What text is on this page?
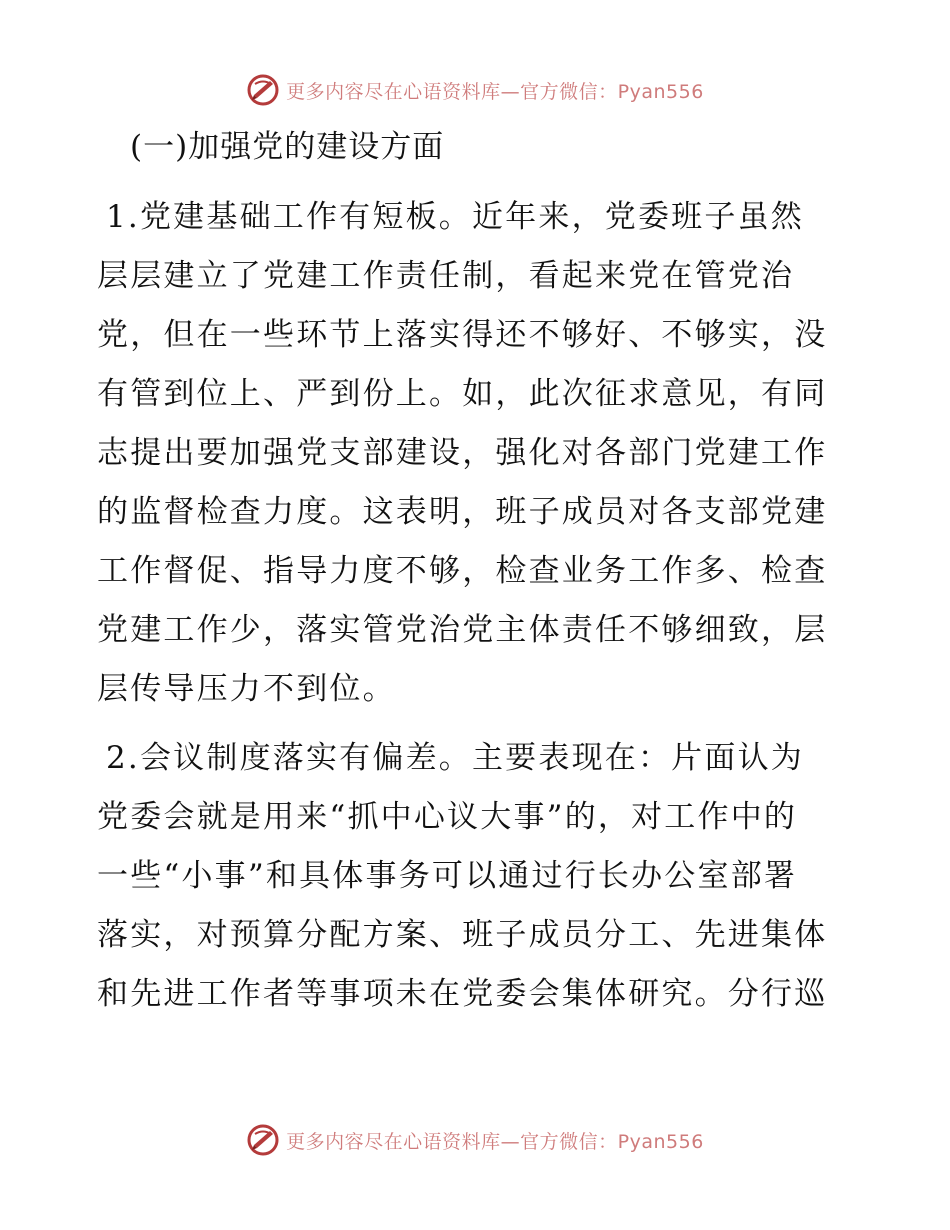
更多内容尽在心语资料库—官方微信：Pyan556
(一)加强党的建设方面

1.党建基础工作有短板。近年来，党委班子虽然
层层建立了党建工作责任制，看起来党在管党治
党，但在一些环节上落实得还不够好、不够实，没
有管到位上、严到份上。如，此次征求意见，有同
志提出要加强党支部建设，强化对各部门党建工作
的监督检查力度。这表明，班子成员对各支部党建
工作督促、指导力度不够，检查业务工作多、检查
党建工作少，落实管党治党主体责任不够细致，层
层传导压力不到位。

2.会议制度落实有偏差。主要表现在：片面认为
党委会就是用来“抓中心议大事”的，对工作中的
一些“小事”和具体事务可以通过行长办公室部署
落实，对预算分配方案、班子成员分工、先进集体
和先进工作者等事项未在党委会集体研究。分行巡

更多内容尽在心语资料库—官方微信：Pyan556
